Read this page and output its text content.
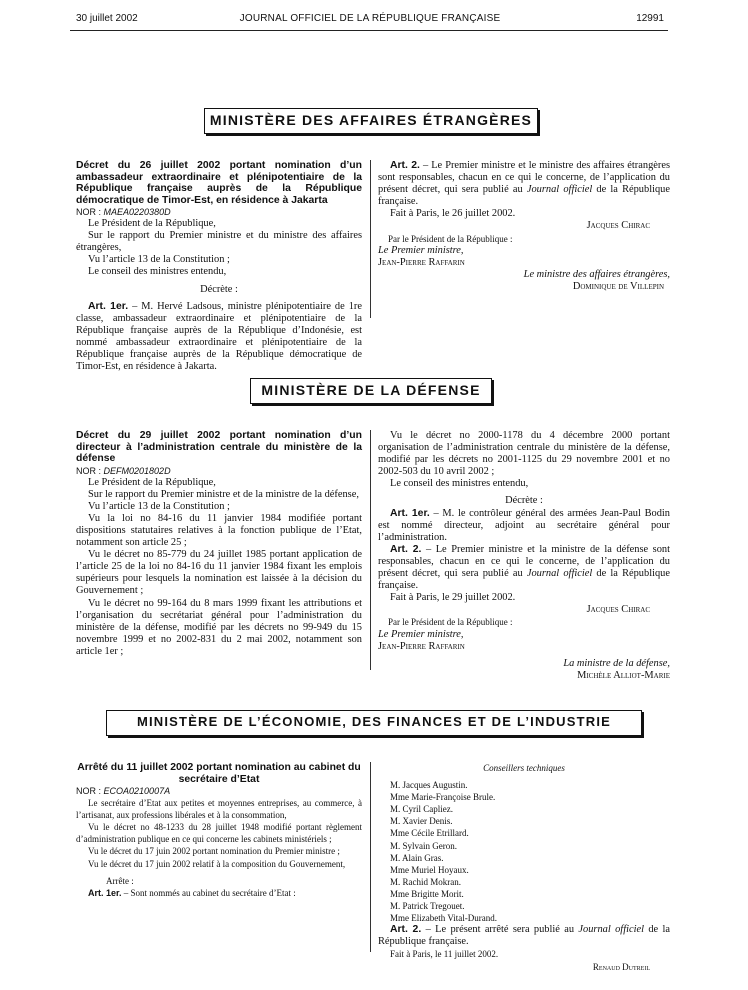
30 juillet 2002	JOURNAL OFFICIEL DE LA RÉPUBLIQUE FRANÇAISE	12991
MINISTÈRE DES AFFAIRES ÉTRANGÈRES

Décret du 26 juillet 2002 portant nomination d’un ambassadeur extraordinaire et plénipotentiaire de la République française auprès de la République démocratique de Timor-Est, en résidence à Jakarta

NOR : MAEA0220380D

Le Président de la République,

Sur le rapport du Premier ministre et du ministre des affaires étrangères,

Vu l’article 13 de la Constitution ;

Le conseil des ministres entendu,

Décrète :

Art. 1er. – M. Hervé Ladsous, ministre plénipotentiaire de 1re classe, ambassadeur extraordinaire et plénipotentiaire de la République française auprès de la République d’Indonésie, est nommé ambassadeur extraordinaire et plénipotentiaire de la République française auprès de la République démocratique de Timor-Est, en résidence à Jakarta.

Art. 2. – Le Premier ministre et le ministre des affaires étrangères sont responsables, chacun en ce qui le concerne, de l’application du présent décret, qui sera publié au Journal officiel de la République française.

Fait à Paris, le 26 juillet 2002.

Jacques Chirac

Par le Président de la République :

Le Premier ministre,

Jean-Pierre Raffarin

Le ministre des affaires étrangères,

Dominique de Villepin

MINISTÈRE DE LA DÉFENSE

Décret du 29 juillet 2002 portant nomination d’un directeur à l’administration centrale du ministère de la défense

NOR : DEFM0201802D

Le Président de la République,

Sur le rapport du Premier ministre et de la ministre de la défense,

Vu l’article 13 de la Constitution ;

Vu la loi no 84-16 du 11 janvier 1984 modifiée portant dispositions statutaires relatives à la fonction publique de l’Etat, notamment son article 25 ;

Vu le décret no 85-779 du 24 juillet 1985 portant application de l’article 25 de la loi no 84-16 du 11 janvier 1984 fixant les emplois supérieurs pour lesquels la nomination est laissée à la décision du Gouvernement ;

Vu le décret no 99-164 du 8 mars 1999 fixant les attributions et l’organisation du secrétariat général pour l’administration du ministère de la défense, modifié par les décrets no 99-949 du 15 novembre 1999 et no 2002-831 du 2 mai 2002, notamment son article 1er ;

Vu le décret no 2000-1178 du 4 décembre 2000 portant organisation de l’administration centrale du ministère de la défense, modifié par les décrets no 2001-1125 du 29 novembre 2001 et no 2002-503 du 10 avril 2002 ;

Le conseil des ministres entendu,

Décrète :

Art. 1er. – M. le contrôleur général des armées Jean-Paul Bodin est nommé directeur, adjoint au secrétaire général pour l’administration.

Art. 2. – Le Premier ministre et la ministre de la défense sont responsables, chacun en ce qui le concerne, de l’application du présent décret, qui sera publié au Journal officiel de la République française.

Fait à Paris, le 29 juillet 2002.

Jacques Chirac

Par le Président de la République :

Le Premier ministre,

Jean-Pierre Raffarin

La ministre de la défense,

Michèle Alliot-Marie

MINISTÈRE DE L’ÉCONOMIE, DES FINANCES ET DE L’INDUSTRIE

Arrêté du 11 juillet 2002 portant nomination au cabinet du secrétaire d’Etat

NOR : ECOA0210007A

Le secrétaire d’Etat aux petites et moyennes entreprises, au commerce, à l’artisanat, aux professions libérales et à la consommation,

Vu le décret no 48-1233 du 28 juillet 1948 modifié portant règlement d’administration publique en ce qui concerne les cabinets ministériels ;

Vu le décret du 17 juin 2002 portant nomination du Premier ministre ;

Vu le décret du 17 juin 2002 relatif à la composition du Gouvernement,

Arrête :

Art. 1er. – Sont nommés au cabinet du secrétaire d’Etat :

Conseillers techniques

M. Jacques Augustin.

Mme Marie-Françoise Brule.

M. Cyril Capliez.

M. Xavier Denis.

Mme Cécile Etrillard.

M. Sylvain Geron.

M. Alain Gras.

Mme Muriel Hoyaux.

M. Rachid Mokran.

Mme Brigitte Morit.

M. Patrick Tregouet.

Mme Elizabeth Vital-Durand.

Art. 2. – Le présent arrêté sera publié au Journal officiel de la République française.

Fait à Paris, le 11 juillet 2002.

Renaud Dutreil
